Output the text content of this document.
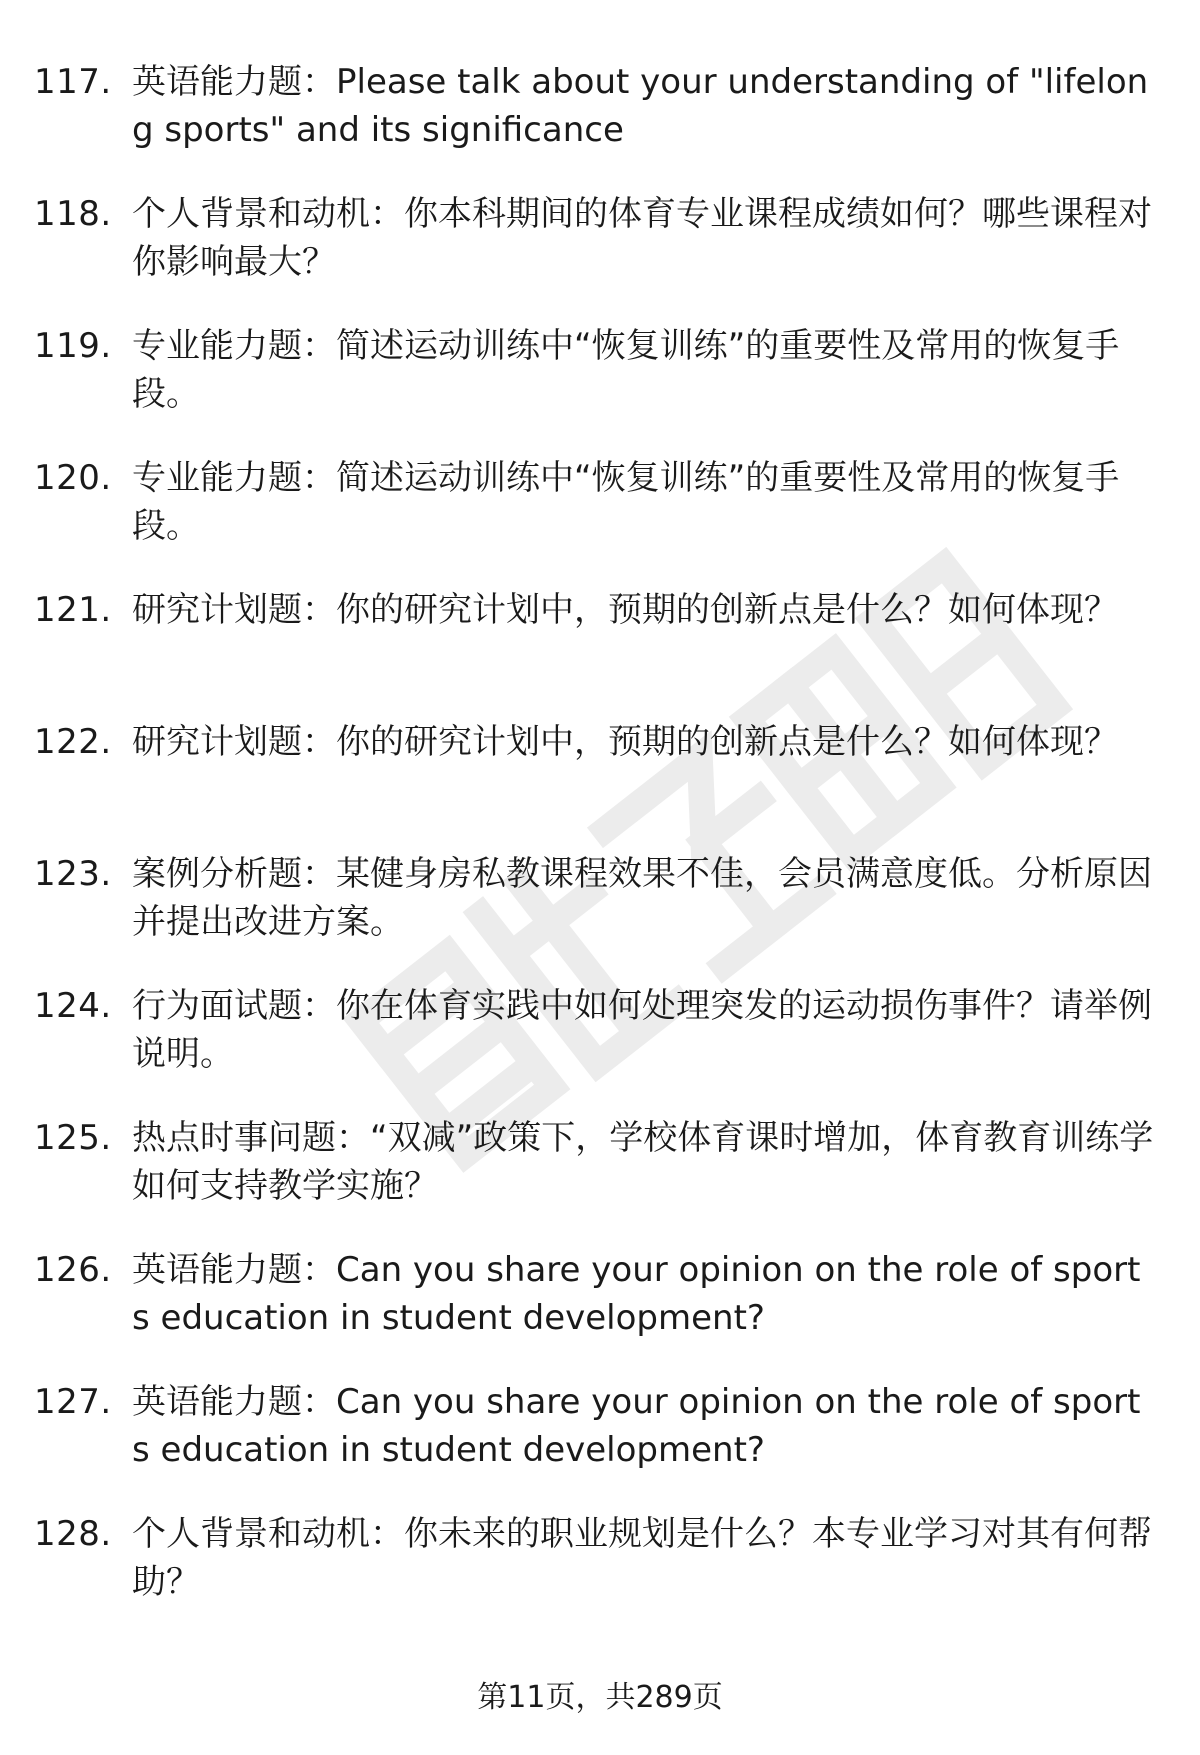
117. 英语能力题：Please talk about your understanding of "lifelong sports" and its significance
118. 个人背景和动机：你本科期间的体育专业课程成绩如何？哪些课程对你影响最大？
119. 专业能力题：简述运动训练中“恢复训练”的重要性及常用的恢复手段。
120. 专业能力题：简述运动训练中“恢复训练”的重要性及常用的恢复手段。
121. 研究计划题：你的研究计划中，预期的创新点是什么？如何体现？
122. 研究计划题：你的研究计划中，预期的创新点是什么？如何体现？
123. 案例分析题：某健身房私教课程效果不佳，会员满意度低。分析原因并提出改进方案。
124. 行为面试题：你在体育实践中如何处理突发的运动损伤事件？请举例说明。
125. 热点时事问题：“双减”政策下，学校体育课时增加，体育教育训练学如何支持教学实施？
126. 英语能力题：Can you share your opinion on the role of sports education in student development?
127. 英语能力题：Can you share your opinion on the role of sports education in student development?
128. 个人背景和动机：你未来的职业规划是什么？本专业学习对其有何帮助？
第11页，共289页
